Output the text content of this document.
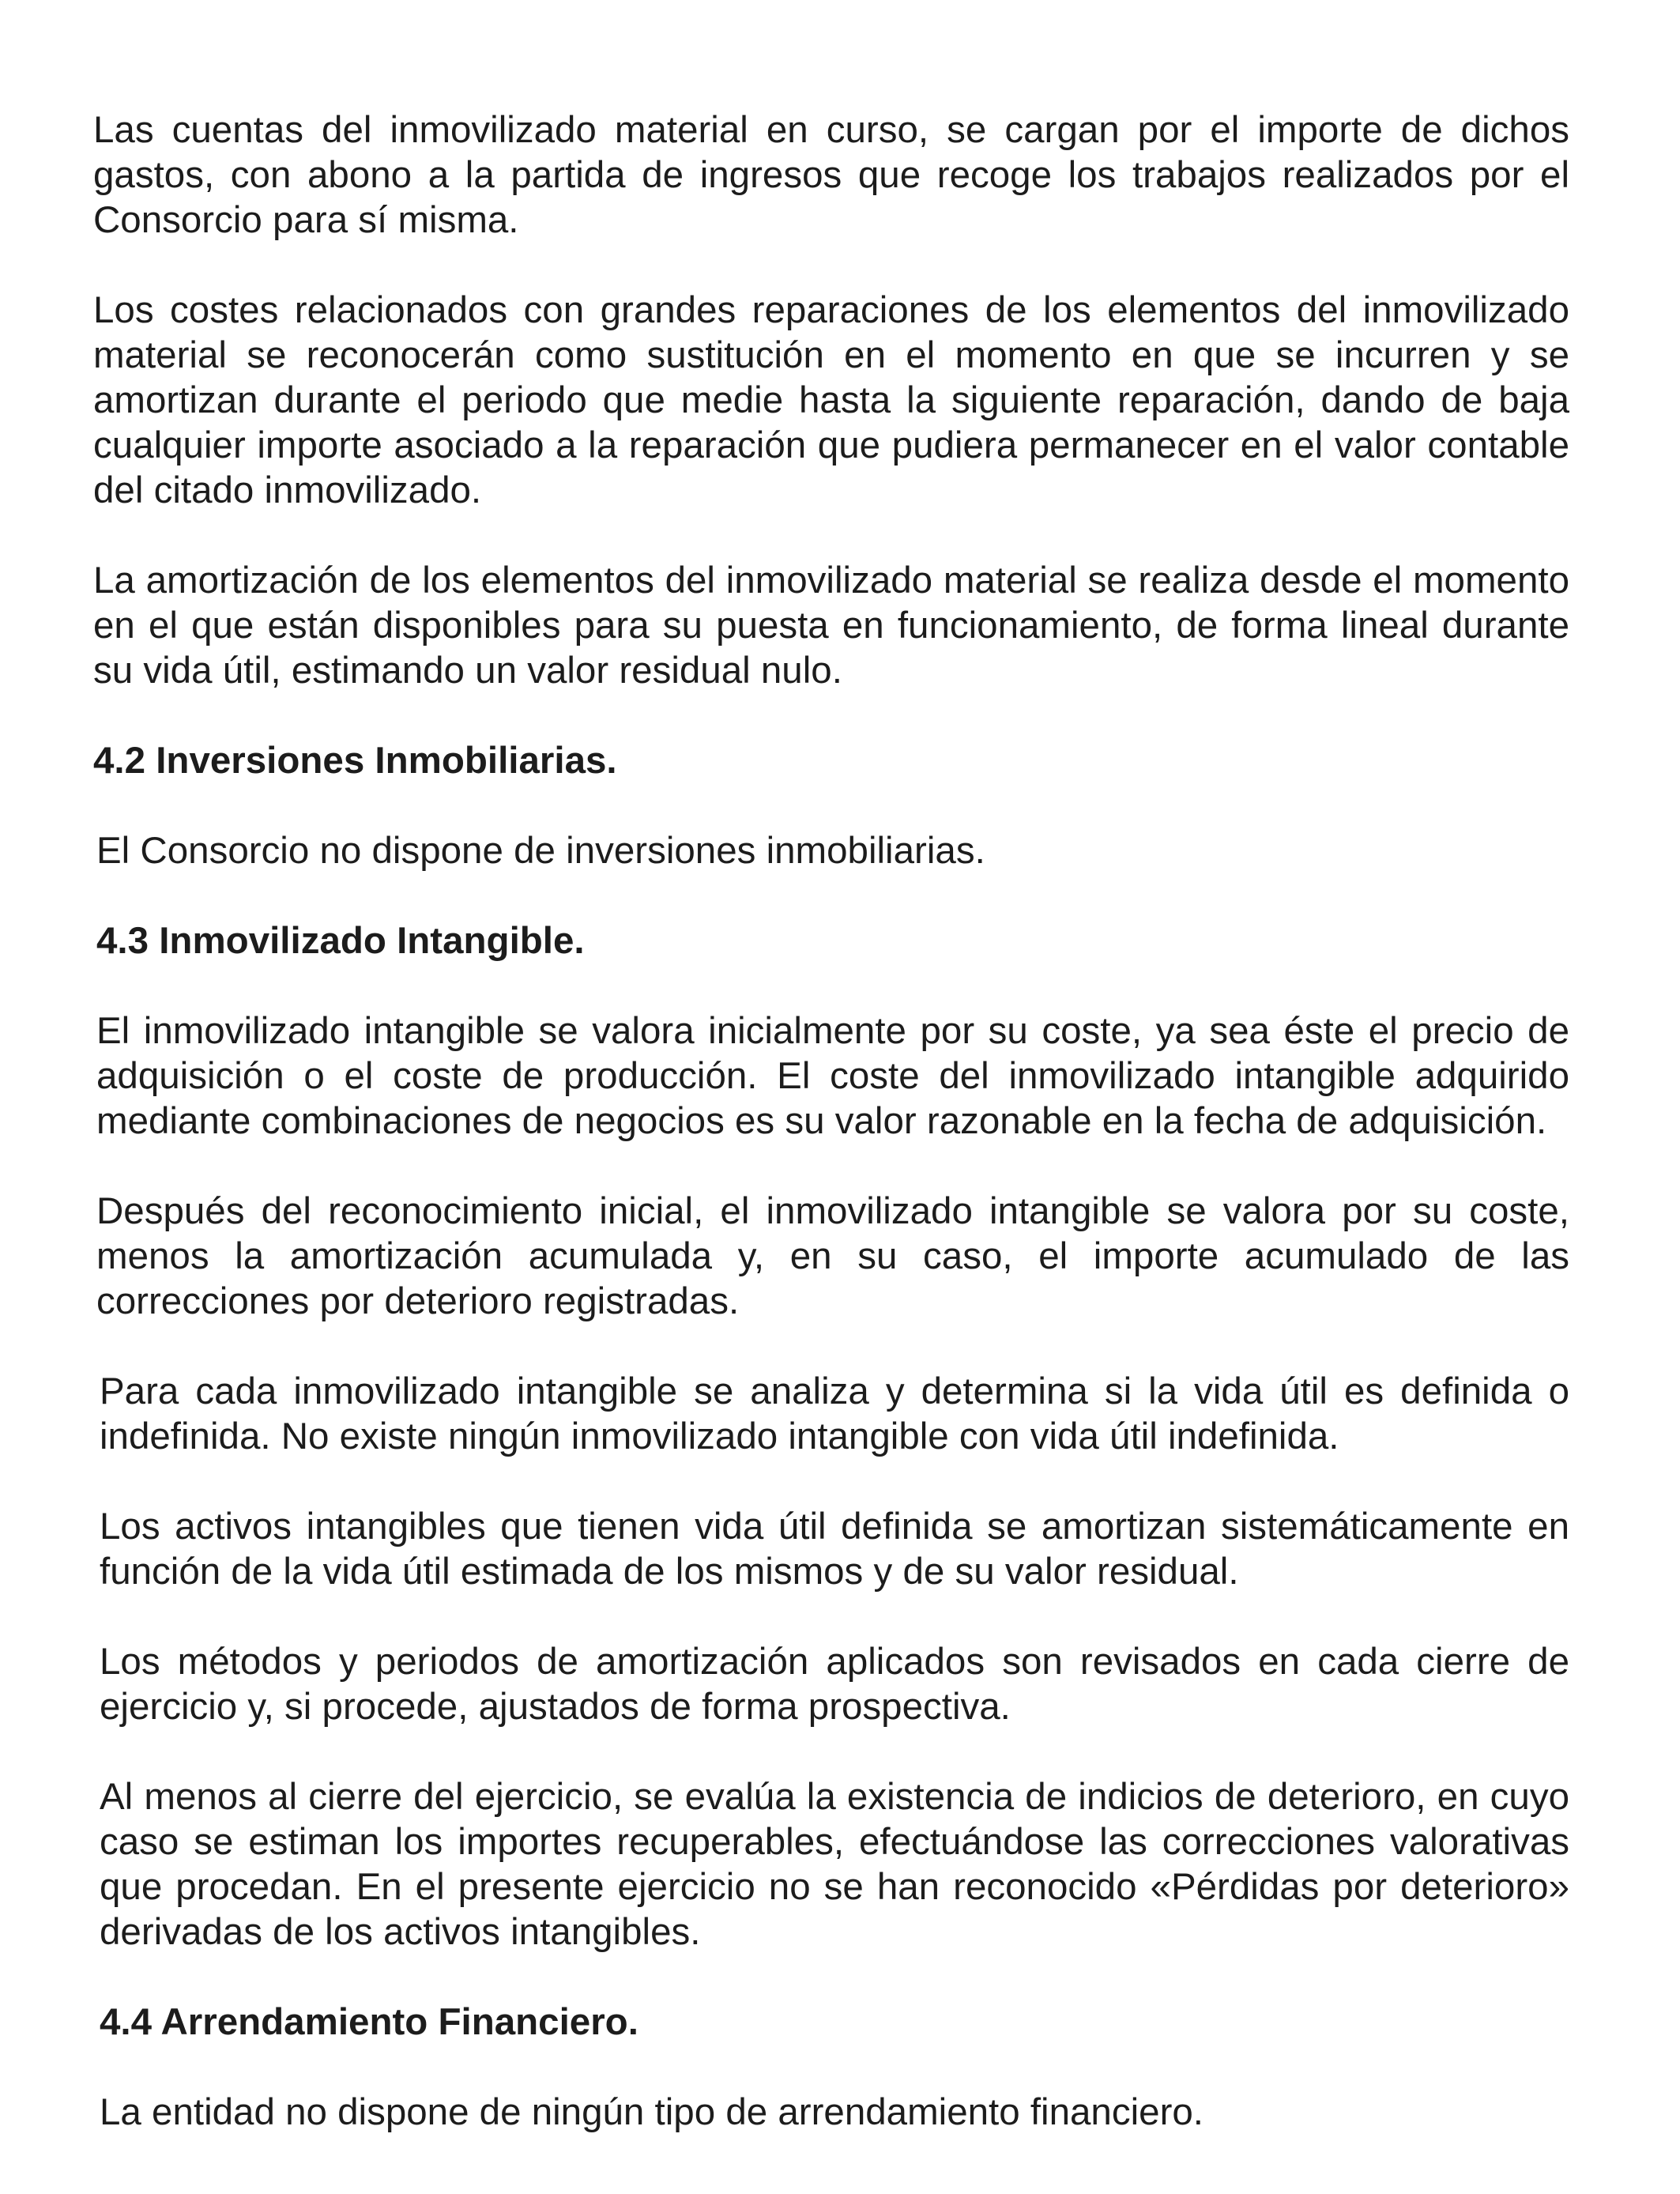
Las cuentas del inmovilizado material en curso, se cargan por el importe de dichos gastos, con abono a la partida de ingresos que recoge los trabajos realizados por el Consorcio para sí misma.

Los costes relacionados con grandes reparaciones de los elementos del inmovilizado material se reconocerán como sustitución en el momento en que se incurren y se amortizan durante el periodo que medie hasta la siguiente reparación, dando de baja cualquier importe asociado a la reparación que pudiera permanecer en el valor contable del citado inmovilizado.

La amortización de los elementos del inmovilizado material se realiza desde el momento en el que están disponibles para su puesta en funcionamiento, de forma lineal durante su vida útil, estimando un valor residual nulo.

4.2 Inversiones Inmobiliarias.

El Consorcio no dispone de inversiones inmobiliarias.

4.3 Inmovilizado Intangible.

El inmovilizado intangible se valora inicialmente por su coste, ya sea éste el precio de adquisición o el coste de producción. El coste del inmovilizado intangible adquirido mediante combinaciones de negocios es su valor razonable en la fecha de adquisición.

Después del reconocimiento inicial, el inmovilizado intangible se valora por su coste, menos la amortización acumulada y, en su caso, el importe acumulado de las correcciones por deterioro registradas.

Para cada inmovilizado intangible se analiza y determina si la vida útil es definida o indefinida. No existe ningún inmovilizado intangible con vida útil indefinida.

Los activos intangibles que tienen vida útil definida se amortizan sistemáticamente en función de la vida útil estimada de los mismos y de su valor residual.

Los métodos y periodos de amortización aplicados son revisados en cada cierre de ejercicio y, si procede, ajustados de forma prospectiva.

Al menos al cierre del ejercicio, se evalúa la existencia de indicios de deterioro, en cuyo caso se estiman los importes recuperables, efectuándose las correcciones valorativas que procedan. En el presente ejercicio no se han reconocido «Pérdidas por deterioro» derivadas de los activos intangibles.

4.4 Arrendamiento Financiero.

La entidad no dispone de ningún tipo de arrendamiento financiero.
